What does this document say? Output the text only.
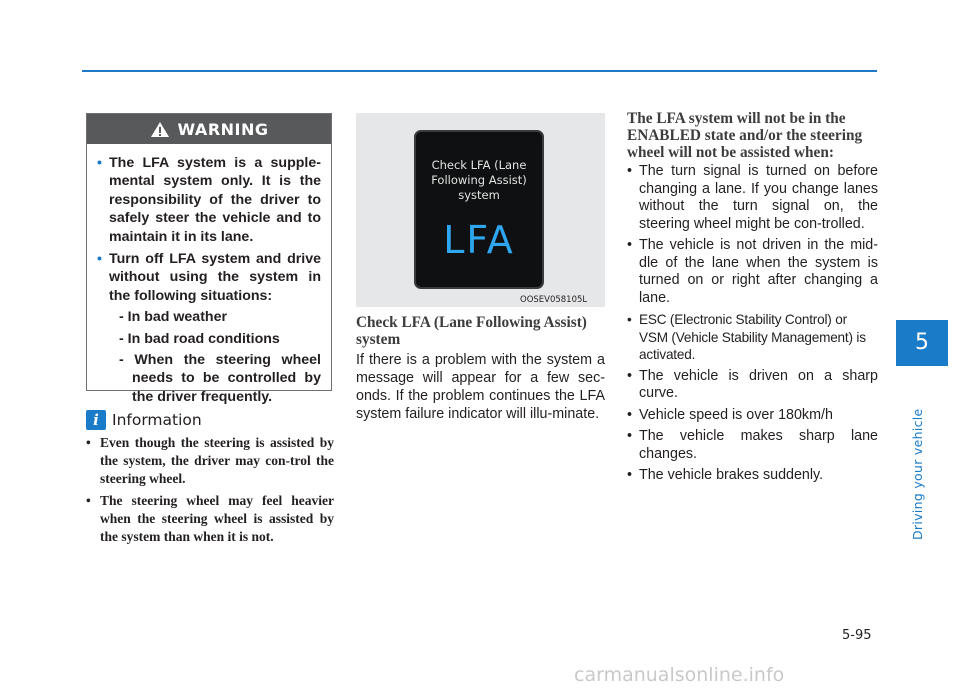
5
Driving your vehicle
WARNING
• The LFA system is a supple-mental system only. It is the responsibility of the driver to safely steer the vehicle and to maintain it in its lane.
• Turn off LFA system and drive without using the system in the following situations:
- In bad weather
- In bad road conditions
- When the steering wheel needs to be controlled by the driver frequently.
i Information
• Even though the steering is assisted by the system, the driver may con-trol the steering wheel.
• The steering wheel may feel heavier when the steering wheel is assisted by the system than when it is not.
Check LFA (Lane Following Assist) system
LFA
OOSEV058105L
Check LFA (Lane Following Assist) system
If there is a problem with the system a message will appear for a few sec-onds. If the problem continues the LFA system failure indicator will illu-minate.
The LFA system will not be in the ENABLED state and/or the steering wheel will not be assisted when:
• The turn signal is turned on before changing a lane. If you change lanes without the turn signal on, the steering wheel might be con-trolled.
• The vehicle is not driven in the mid-dle of the lane when the system is turned on or right after changing a lane.
• ESC (Electronic Stability Control) or VSM (Vehicle Stability Management) is activated.
• The vehicle is driven on a sharp curve.
• Vehicle speed is over 180km/h
• The vehicle makes sharp lane changes.
• The vehicle brakes suddenly.
5-95
carmanualsonline.info
